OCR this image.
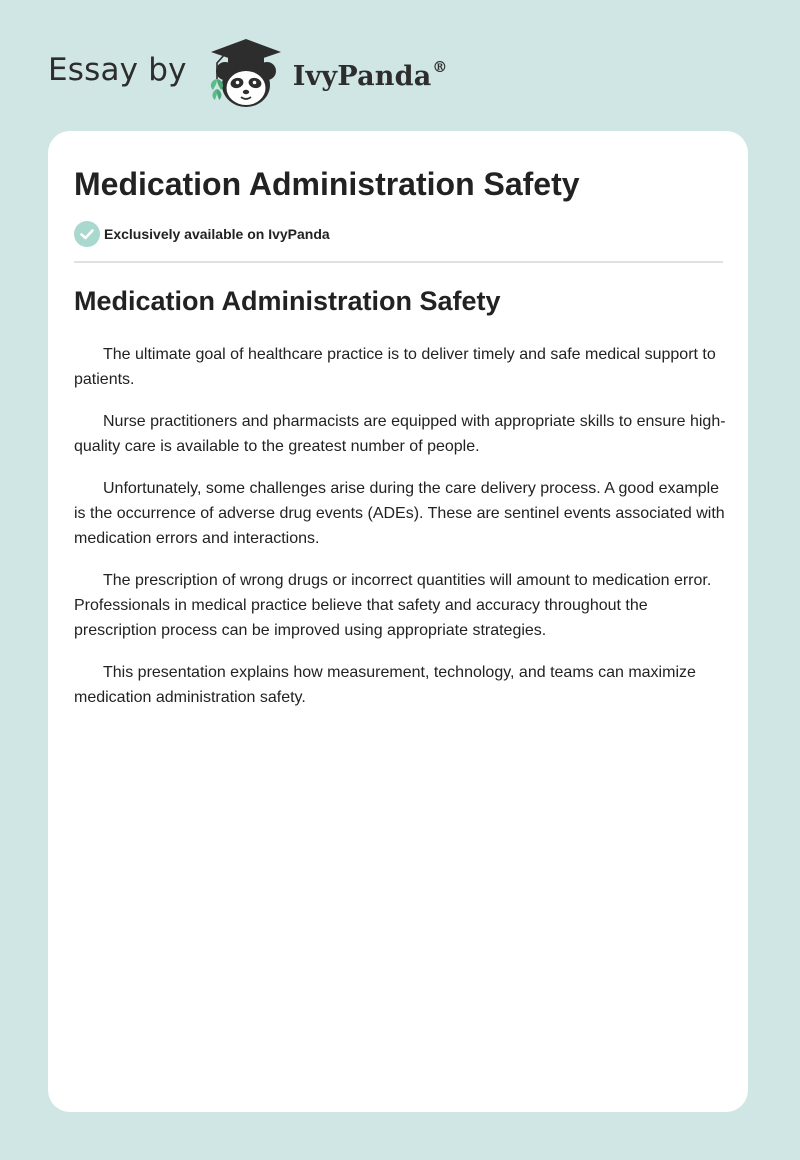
Essay by	IvyPanda®
Medication Administration Safety
Exclusively available on IvyPanda
Medication Administration Safety

The ultimate goal of healthcare practice is to deliver timely and safe medical support to patients.

Nurse practitioners and pharmacists are equipped with appropriate skills to ensure high-quality care is available to the greatest number of people.

Unfortunately, some challenges arise during the care delivery process. A good example is the occurrence of adverse drug events (ADEs). These are sentinel events associated with medication errors and interactions.

The prescription of wrong drugs or incorrect quantities will amount to medication error. Professionals in medical practice believe that safety and accuracy throughout the prescription process can be improved using appropriate strategies.

This presentation explains how measurement, technology, and teams can maximize medication administration safety.
